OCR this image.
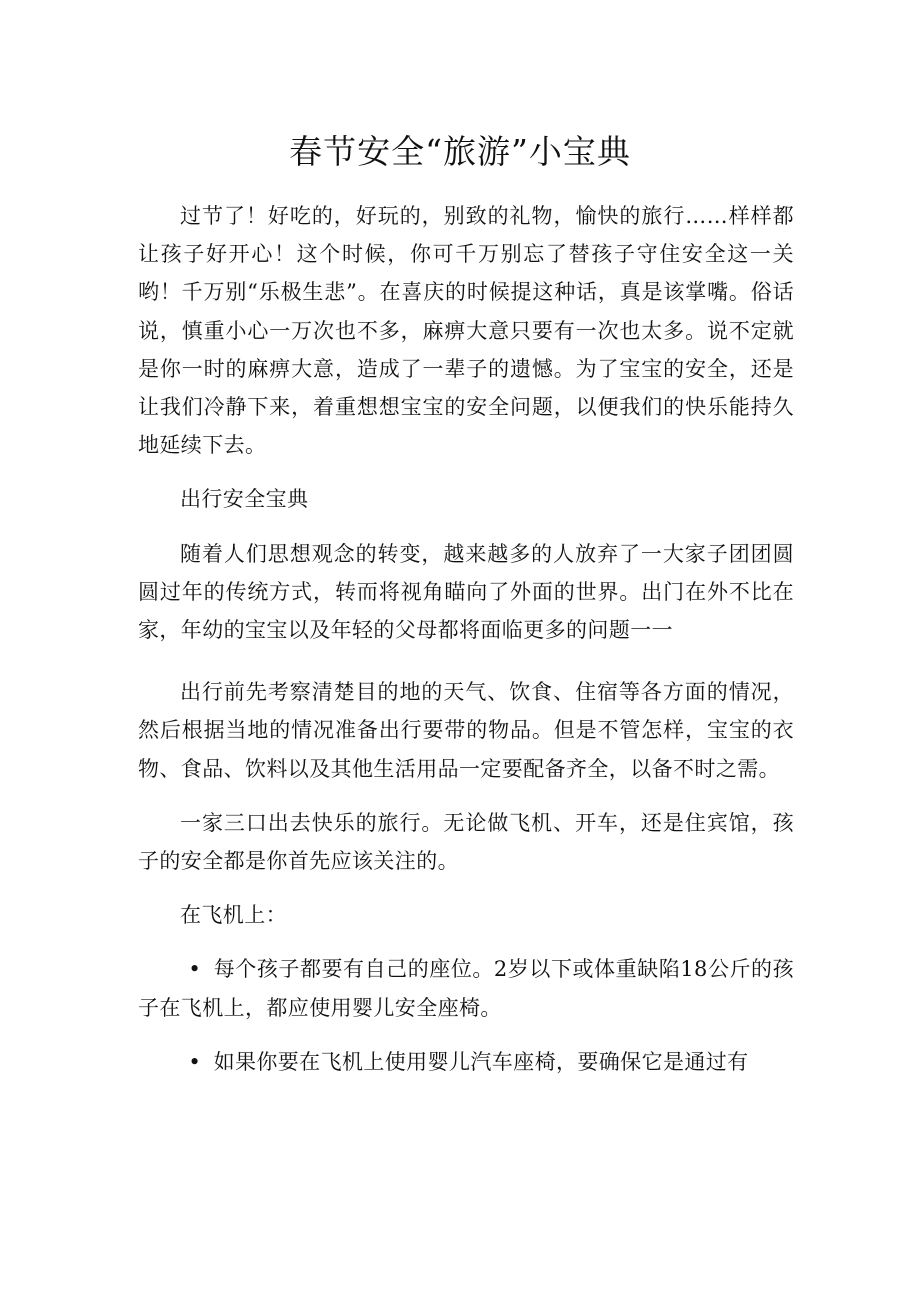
春节安全“旅游”小宝典

过节了！好吃的，好玩的，别致的礼物，愉快的旅行……样样都让孩子好开心！这个时候，你可千万别忘了替孩子守住安全这一关哟！千万别“乐极生悲”。在喜庆的时候提这种话，真是该掌嘴。俗话说，慎重小心一万次也不多，麻痹大意只要有一次也太多。说不定就是你一时的麻痹大意，造成了一辈子的遗憾。为了宝宝的安全，还是让我们冷静下来，着重想想宝宝的安全问题，以便我们的快乐能持久地延续下去。

出行安全宝典

随着人们思想观念的转变，越来越多的人放弃了一大家子团团圆圆过年的传统方式，转而将视角瞄向了外面的世界。出门在外不比在家，年幼的宝宝以及年轻的父母都将面临更多的问题一一

出行前先考察清楚目的地的天气、饮食、住宿等各方面的情况，然后根据当地的情况准备出行要带的物品。但是不管怎样，宝宝的衣物、食品、饮料以及其他生活用品一定要配备齐全，以备不时之需。

一家三口出去快乐的旅行。无论做飞机、开车，还是住宾馆，孩子的安全都是你首先应该关注的。

在飞机上：

• 每个孩子都要有自己的座位。2岁以下或体重缺陷18公斤的孩子在飞机上，都应使用婴儿安全座椅。

• 如果你要在飞机上使用婴儿汽车座椅，要确保它是通过有
